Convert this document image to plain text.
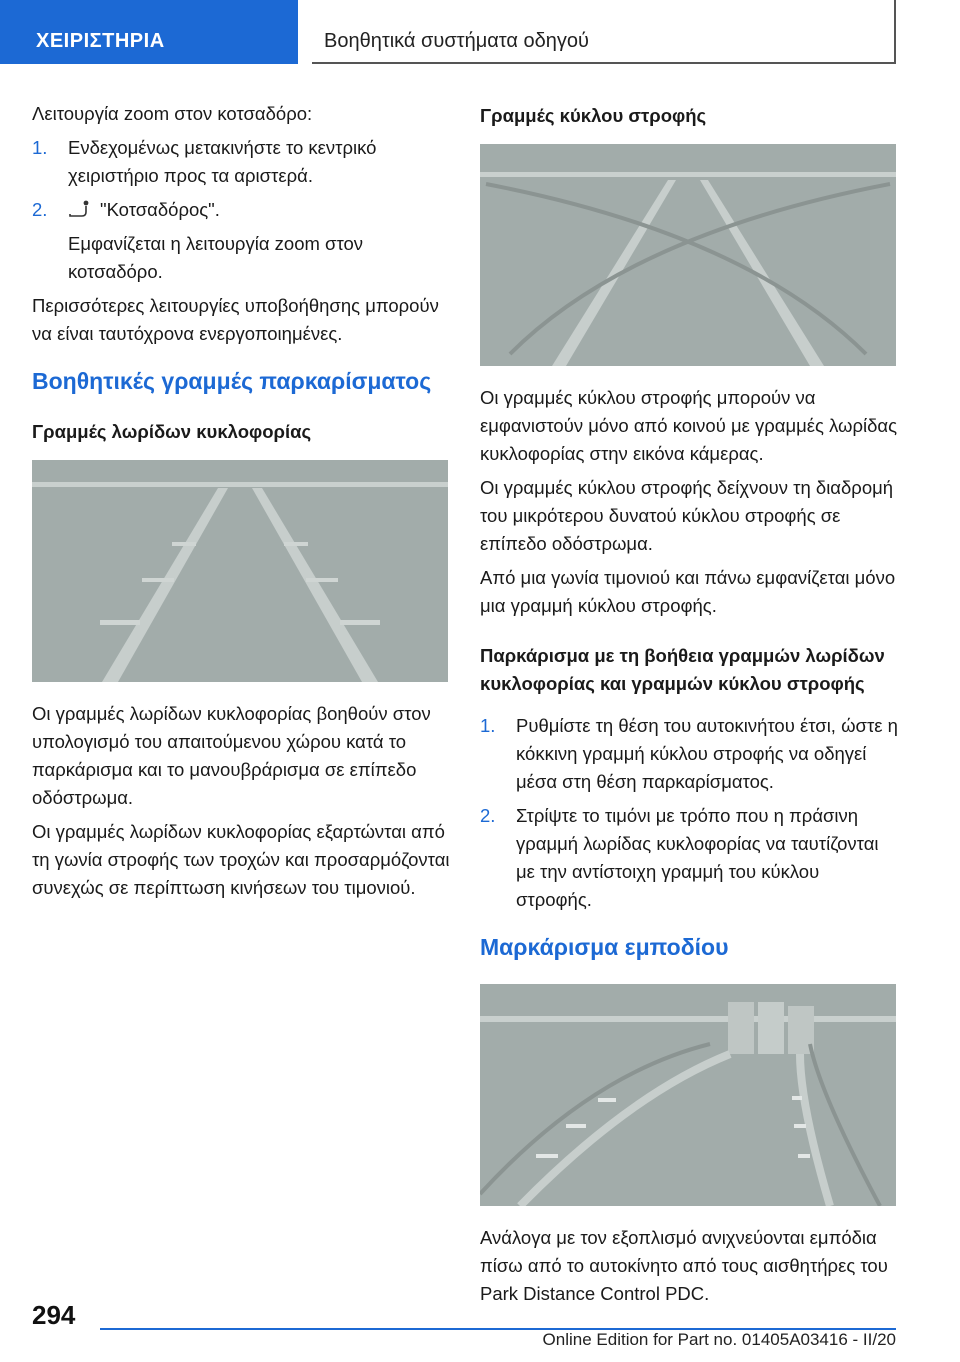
ΧΕΙΡΙΣΤΗΡΙΑ	Βοηθητικά συστήματα οδηγού

Λειτουργία zoom στον κοτσαδόρο:

1. Ενδεχομένως μετακινήστε το κεντρικό χειριστήριο προς τα αριστερά.
2.	"Κοτσαδόρος".

Εμφανίζεται η λειτουργία zoom στον κοτσαδόρο.

Περισσότερες λειτουργίες υποβοήθησης μπορούν να είναι ταυτόχρονα ενεργοποιημένες.

Βοηθητικές γραμμές παρκαρίσματος
Γραμμές λωρίδων κυκλοφορίας

Οι γραμμές λωρίδων κυκλοφορίας βοηθούν στον υπολογισμό του απαιτούμενου χώρου κατά το παρκάρισμα και το μανουβράρισμα σε επίπεδο οδόστρωμα.

Οι γραμμές λωρίδων κυκλοφορίας εξαρτώνται από τη γωνία στροφής των τροχών και προσαρμόζονται συνεχώς σε περίπτωση κινήσεων του τιμονιού.

Γραμμές κύκλου στροφής

Οι γραμμές κύκλου στροφής μπορούν να εμφανιστούν μόνο από κοινού με γραμμές λωρίδας κυκλοφορίας στην εικόνα κάμερας.

Οι γραμμές κύκλου στροφής δείχνουν τη διαδρομή του μικρότερου δυνατού κύκλου στροφής σε επίπεδο οδόστρωμα.

Από μια γωνία τιμονιού και πάνω εμφανίζεται μόνο μια γραμμή κύκλου στροφής.

Παρκάρισμα με τη βοήθεια γραμμών λωρίδων κυκλοφορίας και γραμμών κύκλου στροφής
1. Ρυθμίστε τη θέση του αυτοκινήτου έτσι, ώστε η κόκκινη γραμμή κύκλου στροφής να οδηγεί μέσα στη θέση παρκαρίσματος.
2. Στρίψτε το τιμόνι με τρόπο που η πράσινη γραμμή λωρίδας κυκλοφορίας να ταυτίζονται με την αντίστοιχη γραμμή του κύκλου στροφής.
Μαρκάρισμα εμποδίου

Ανάλογα με τον εξοπλισμό ανιχνεύονται εμπόδια πίσω από το αυτοκίνητο από τους αισθητήρες του Park Distance Control PDC.

294
Online Edition for Part no. 01405A03416 - II/20
